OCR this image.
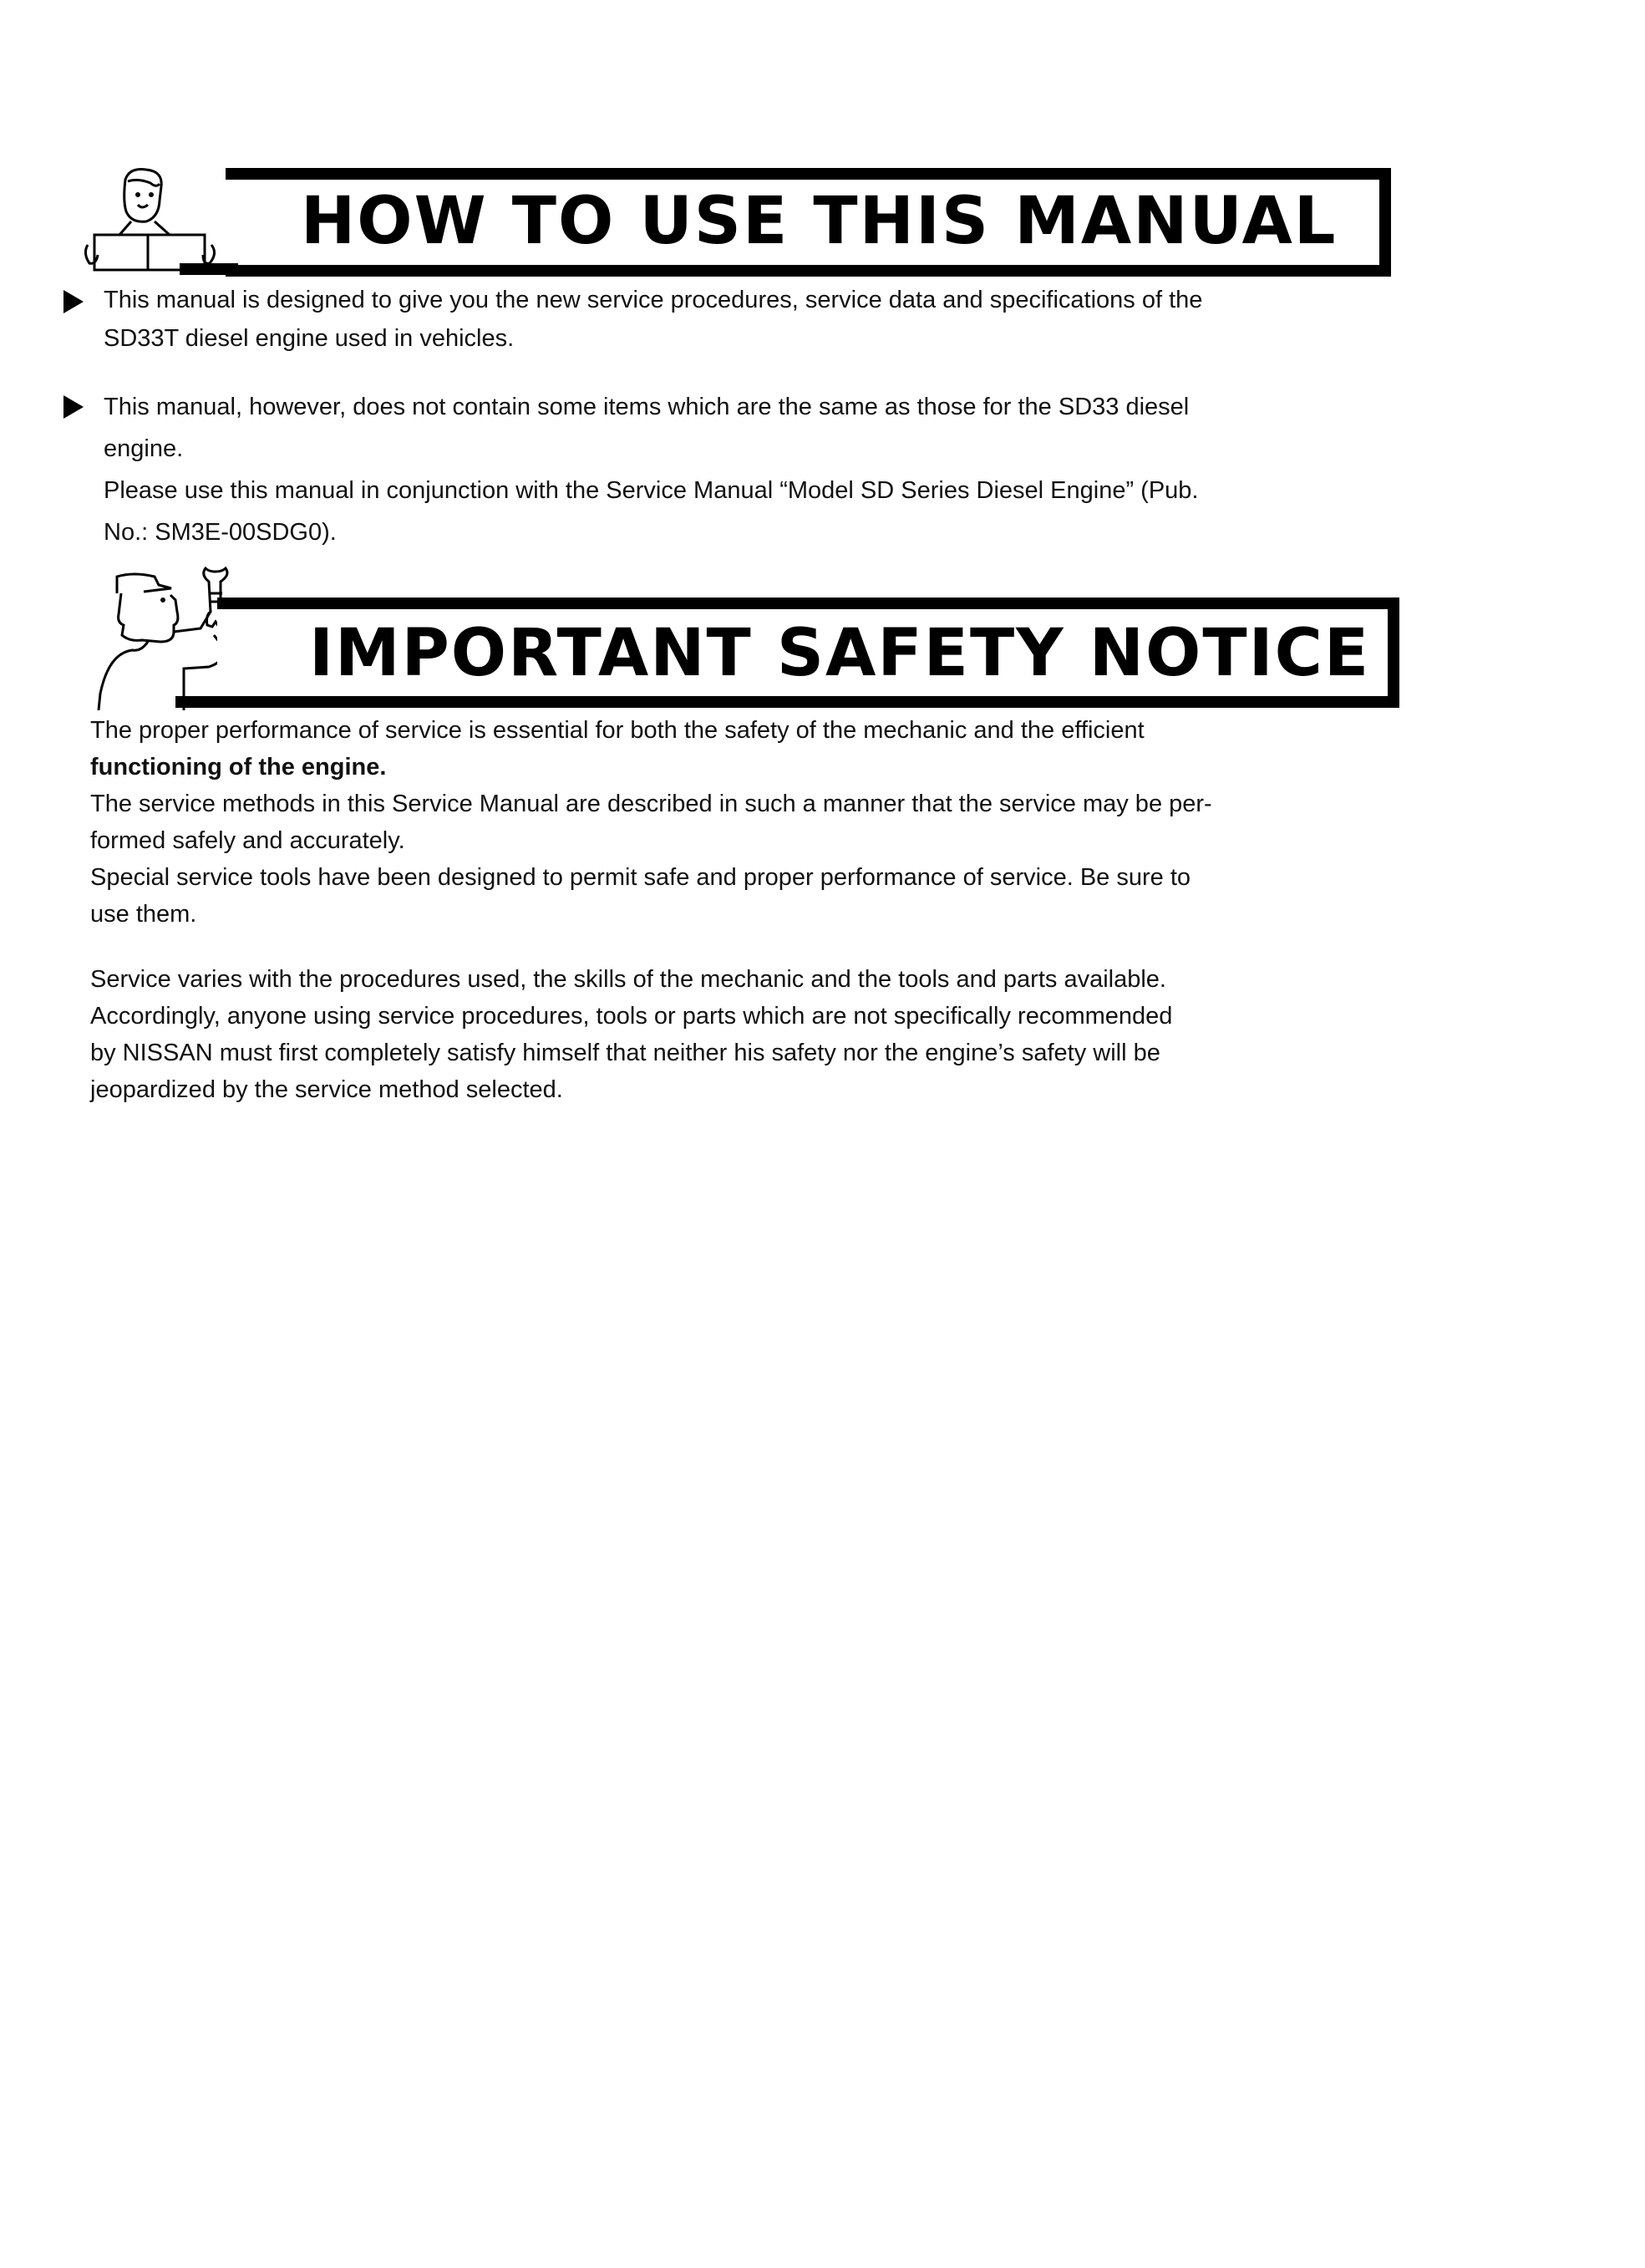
HOW TO USE THIS MANUAL

This manual is designed to give you the new service procedures, service data and specifications of the

SD33T diesel engine used in vehicles.

This manual, however, does not contain some items which are the same as those for the SD33 diesel

engine.

Please use this manual in conjunction with the Service Manual “Model SD Series Diesel Engine” (Pub.

No.: SM3E-00SDG0).

IMPORTANT SAFETY NOTICE

The proper performance of service is essential for both the safety of the mechanic and the efficient

functioning of the engine.

The service methods in this Service Manual are described in such a manner that the service may be per-

formed safely and accurately.

Special service tools have been designed to permit safe and proper performance of service. Be sure to

use them.

Service varies with the procedures used, the skills of the mechanic and the tools and parts available.

Accordingly, anyone using service procedures, tools or parts which are not specifically recommended

by NISSAN must first completely satisfy himself that neither his safety nor the engine’s safety will be

jeopardized by the service method selected.
